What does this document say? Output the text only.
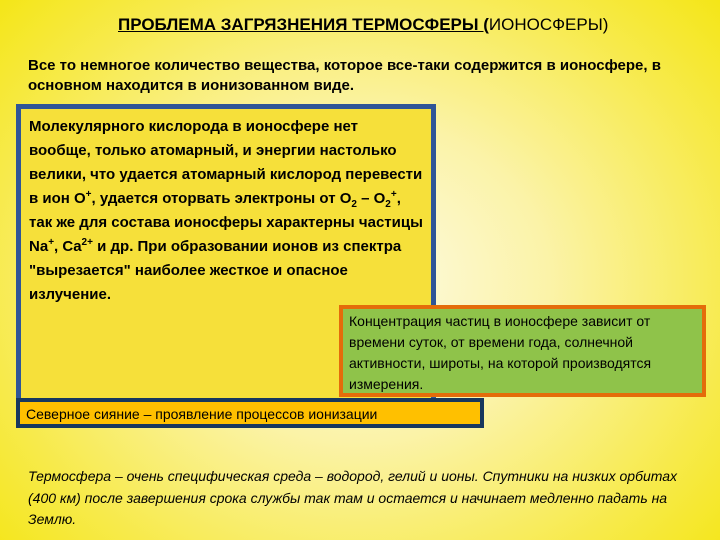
ПРОБЛЕМА ЗАГРЯЗНЕНИЯ ТЕРМОСФЕРЫ (ИОНОСФЕРЫ)
Все то немногое количество вещества, которое все-таки содержится в ионосфере, в основном находится в ионизованном виде.
Молекулярного кислорода в ионосфере нет вообще, только атомарный, и энергии настолько велики, что удается атомарный кислород перевести в ион O+, удается оторвать электроны от $O_2 - O_2^+$, так же для состава ионосферы характерны частицы Na+, $Ca^{2+}$ и др. При образовании ионов из спектра "вырезается" наиболее жесткое и опасное излучение.
Концентрация частиц в ионосфере зависит от времени суток, от времени года, солнечной активности, широты, на которой производятся измерения.
Северное сияние – проявление процессов ионизации
Термосфера – очень специфическая среда – водород, гелий и ионы. Спутники на низких орбитах (400 км) после завершения срока службы так там и остается и начинает медленно падать на Землю.
